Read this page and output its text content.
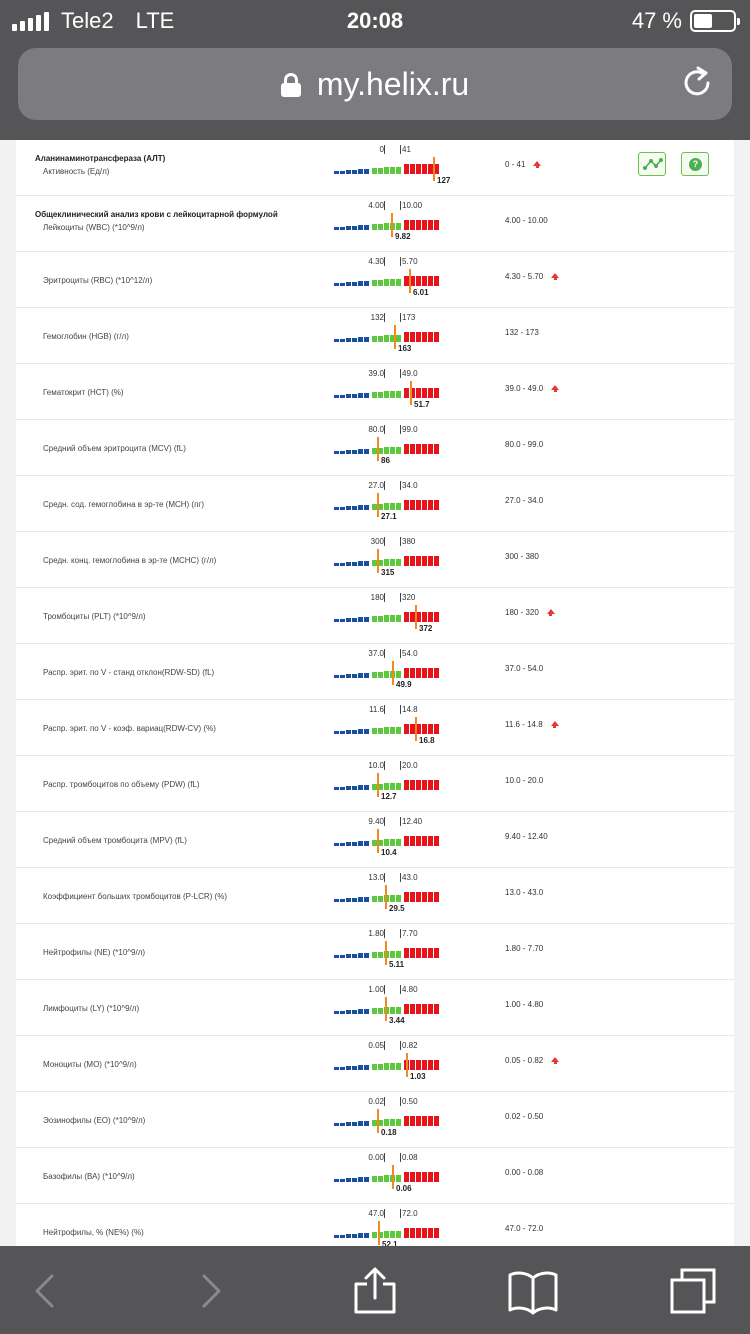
Tele2 LTE	20:08	47 %
my.helix.ru
Аланинаминотрансфераза (АЛТ)
Активность (Ед/л)
0 41
127
0 - 41
Общеклинический анализ крови с лейкоцитарной формулой
Лейкоциты (WBC) (*10^9/л)
4.00 10.00
9.82
4.00 - 10.00
Эритроциты (RBC) (*10^12/л)
4.30 5.70
6.01
4.30 - 5.70
Гемоглобин (HGB) (г/л)
132 173
163
132 - 173
Гематокрит (НСТ) (%)
39.0 49.0
51.7
39.0 - 49.0
Средний объем эритроцита (MCV) (fL)
80.0 99.0
86
80.0 - 99.0
Средн. сод. гемоглобина в эр-те (МСН) (пг)
27.0 34.0
27.1
27.0 - 34.0
Средн. конц. гемоглобина в эр-те (МСНС) (г/л)
300 380
315
300 - 380
Тромбоциты (PLT) (*10^9/л)
180 320
372
180 - 320
Распр. эрит. по V - станд отклон(RDW-SD) (fL)
37.0 54.0
49.9
37.0 - 54.0
Распр. эрит. по V - коэф. вариац(RDW-CV) (%)
11.6 14.8
16.8
11.6 - 14.8
Распр. тромбоцитов по объему (PDW) (fL)
10.0 20.0
12.7
10.0 - 20.0
Средний объем тромбоцита (MPV) (fL)
9.40 12.40
10.4
9.40 - 12.40
Коэффициент больших тромбоцитов (P-LCR) (%)
13.0 43.0
29.5
13.0 - 43.0
Нейтрофилы (NE) (*10^9/л)
1.80 7.70
5.11
1.80 - 7.70
Лимфоциты (LY) (*10^9/л)
1.00 4.80
3.44
1.00 - 4.80
Моноциты (МО) (*10^9/л)
0.05 0.82
1.03
0.05 - 0.82
Эозинофилы (ЕО) (*10^9/л)
0.02 0.50
0.18
0.02 - 0.50
Базофилы (ВА) (*10^9/л)
0.00 0.08
0.06
0.00 - 0.08
Нейтрофилы, % (NE%) (%)
47.0 72.0
52.1
47.0 - 72.0
?
